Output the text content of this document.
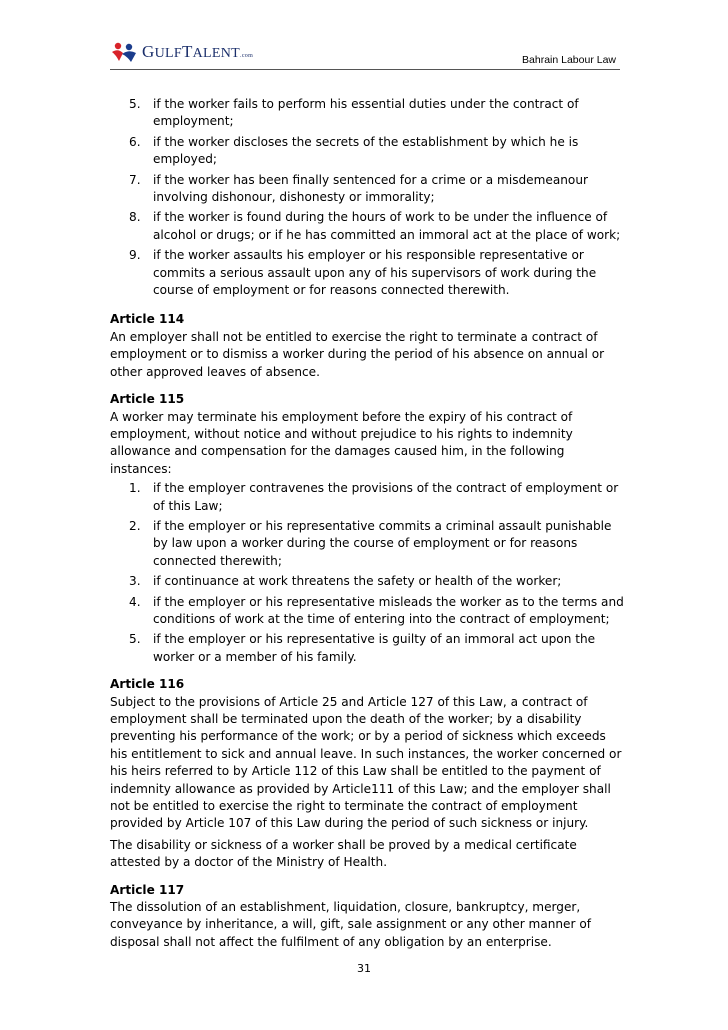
GULFTALENT.com	Bahrain Labour Law
5. if the worker fails to perform his essential duties under the contract of employment;
6. if the worker discloses the secrets of the establishment by which he is employed;
7. if the worker has been finally sentenced for a crime or a misdemeanour involving dishonour, dishonesty or immorality;
8. if the worker is found during the hours of work to be under the influence of alcohol or drugs; or if he has committed an immoral act at the place of work;
9. if the worker assaults his employer or his responsible representative or commits a serious assault upon any of his supervisors of work during the course of employment or for reasons connected therewith.
Article 114

An employer shall not be entitled to exercise the right to terminate a contract of employment or to dismiss a worker during the period of his absence on annual or other approved leaves of absence.

Article 115

A worker may terminate his employment before the expiry of his contract of employment, without notice and without prejudice to his rights to indemnity allowance and compensation for the damages caused him, in the following instances:

1. if the employer contravenes the provisions of the contract of employment or of this Law;
2. if the employer or his representative commits a criminal assault punishable by law upon a worker during the course of employment or for reasons connected therewith;
3. if continuance at work threatens the safety or health of the worker;
4. if the employer or his representative misleads the worker as to the terms and conditions of work at the time of entering into the contract of employment;
5. if the employer or his representative is guilty of an immoral act upon the worker or a member of his family.
Article 116

Subject to the provisions of Article 25 and Article 127 of this Law, a contract of employment shall be terminated upon the death of the worker; by a disability preventing his performance of the work; or by a period of sickness which exceeds his entitlement to sick and annual leave. In such instances, the worker concerned or his heirs referred to by Article 112 of this Law shall be entitled to the payment of indemnity allowance as provided by Article111 of this Law; and the employer shall not be entitled to exercise the right to terminate the contract of employment provided by Article 107 of this Law during the period of such sickness or injury.

The disability or sickness of a worker shall be proved by a medical certificate attested by a doctor of the Ministry of Health.

Article 117

The dissolution of an establishment, liquidation, closure, bankruptcy, merger, conveyance by inheritance, a will, gift, sale assignment or any other manner of disposal shall not affect the fulfilment of any obligation by an enterprise.

31
